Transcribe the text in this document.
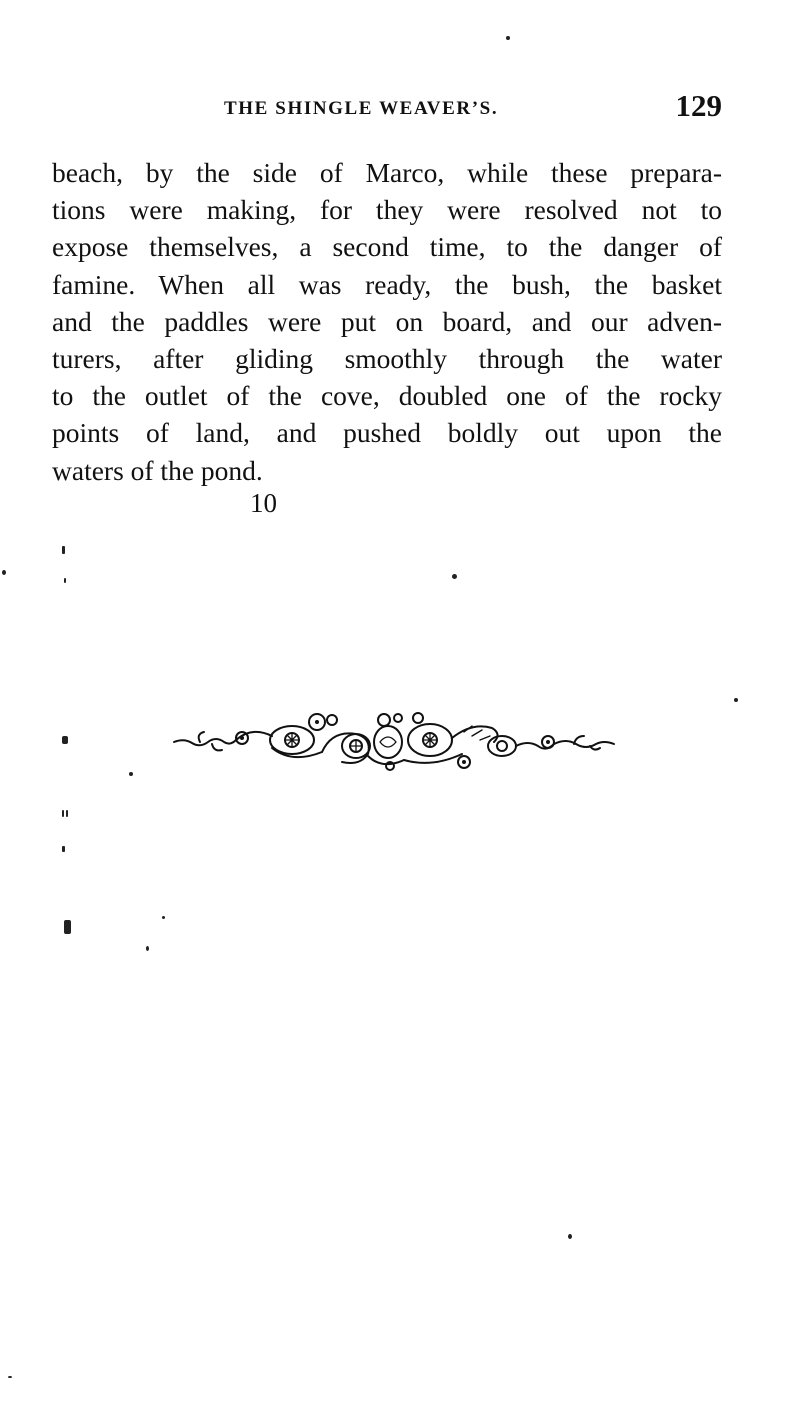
THE SHINGLE WEAVER’S.	129
beach, by the side of Marco, while these prepara-
tions were making, for they were resolved not to
expose themselves, a second time, to the danger of
famine. When all was ready, the bush, the basket
and the paddles were put on board, and our adven-
turers, after gliding smoothly through the water
to the outlet of the cove, doubled one of the rocky
points of land, and pushed boldly out upon the
waters of the pond.
10
